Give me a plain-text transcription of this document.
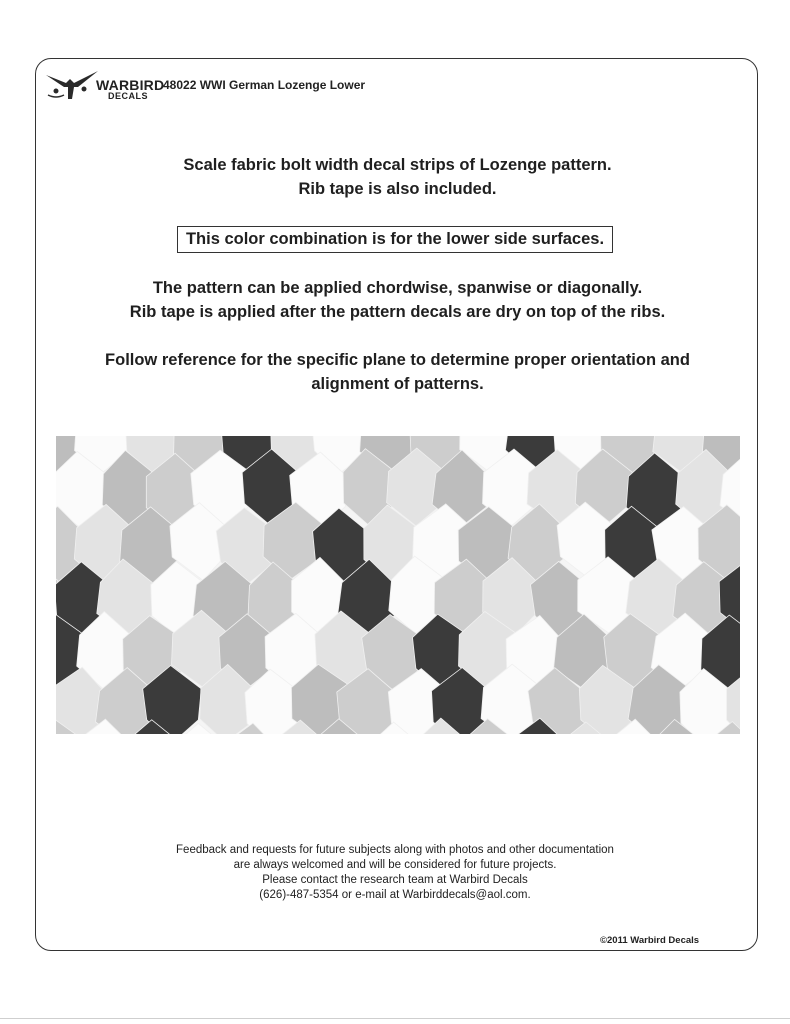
WARBIRD
DECALS
48022 WWI German Lozenge Lower
Scale fabric bolt width decal strips of Lozenge pattern.
Rib tape is also included.
This color combination is for the lower side surfaces.
The pattern can be applied chordwise, spanwise or diagonally.
Rib tape is applied after the pattern decals are dry on top of the ribs.
Follow reference for the specific plane to determine proper orientation and
alignment of patterns.
Feedback and requests for future subjects along with photos and other documentation
are always welcomed and will be considered for future projects.
Please contact the research team at Warbird Decals
(626)-487-5354 or e-mail at Warbirddecals@aol.com.
©2011 Warbird Decals
